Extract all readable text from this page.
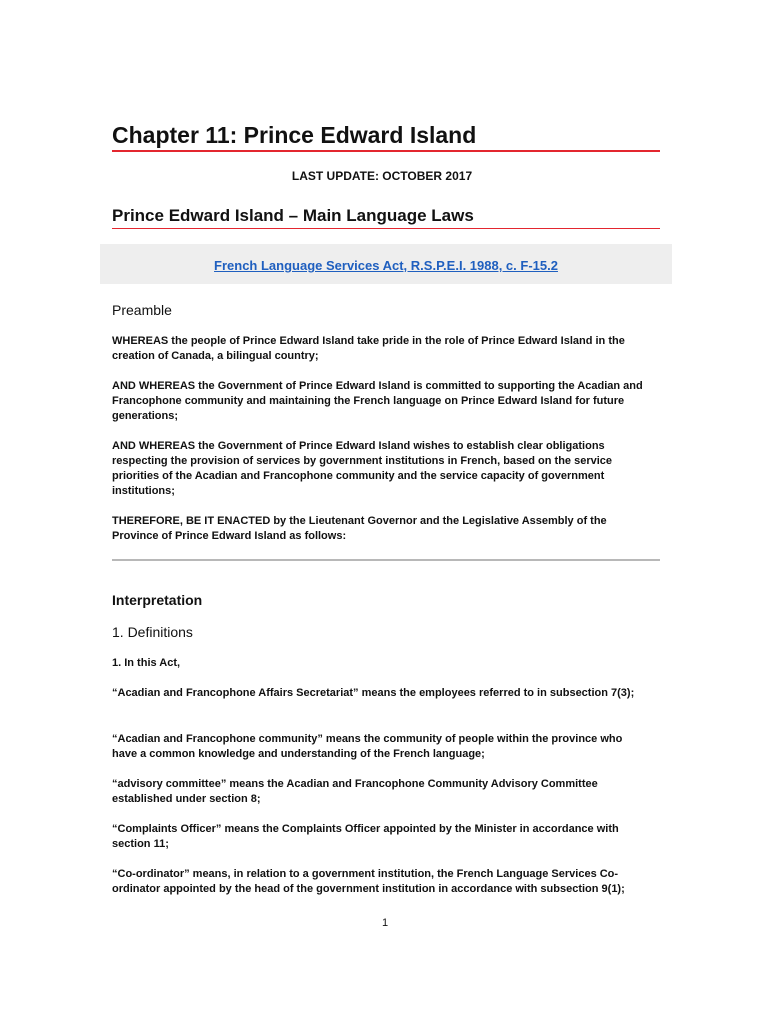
Chapter 11: Prince Edward Island
LAST UPDATE: OCTOBER 2017
Prince Edward Island – Main Language Laws
French Language Services Act, R.S.P.E.I. 1988, c. F-15.2
Preamble

WHEREAS the people of Prince Edward Island take pride in the role of Prince Edward Island in the creation of Canada, a bilingual country;

AND WHEREAS the Government of Prince Edward Island is committed to supporting the Acadian and Francophone community and maintaining the French language on Prince Edward Island for future generations;

AND WHEREAS the Government of Prince Edward Island wishes to establish clear obligations respecting the provision of services by government institutions in French, based on the service priorities of the Acadian and Francophone community and the service capacity of government institutions;

THEREFORE, BE IT ENACTED by the Lieutenant Governor and the Legislative Assembly of the Province of Prince Edward Island as follows:

Interpretation
1. Definitions

1. In this Act,

“Acadian and Francophone Affairs Secretariat” means the employees referred to in subsection 7(3);

“Acadian and Francophone community” means the community of people within the province who have a common knowledge and understanding of the French language;

“advisory committee” means the Acadian and Francophone Community Advisory Committee established under section 8;

“Complaints Officer” means the Complaints Officer appointed by the Minister in accordance with section 11;

“Co-ordinator” means, in relation to a government institution, the French Language Services Co-ordinator appointed by the head of the government institution in accordance with subsection 9(1);

1
